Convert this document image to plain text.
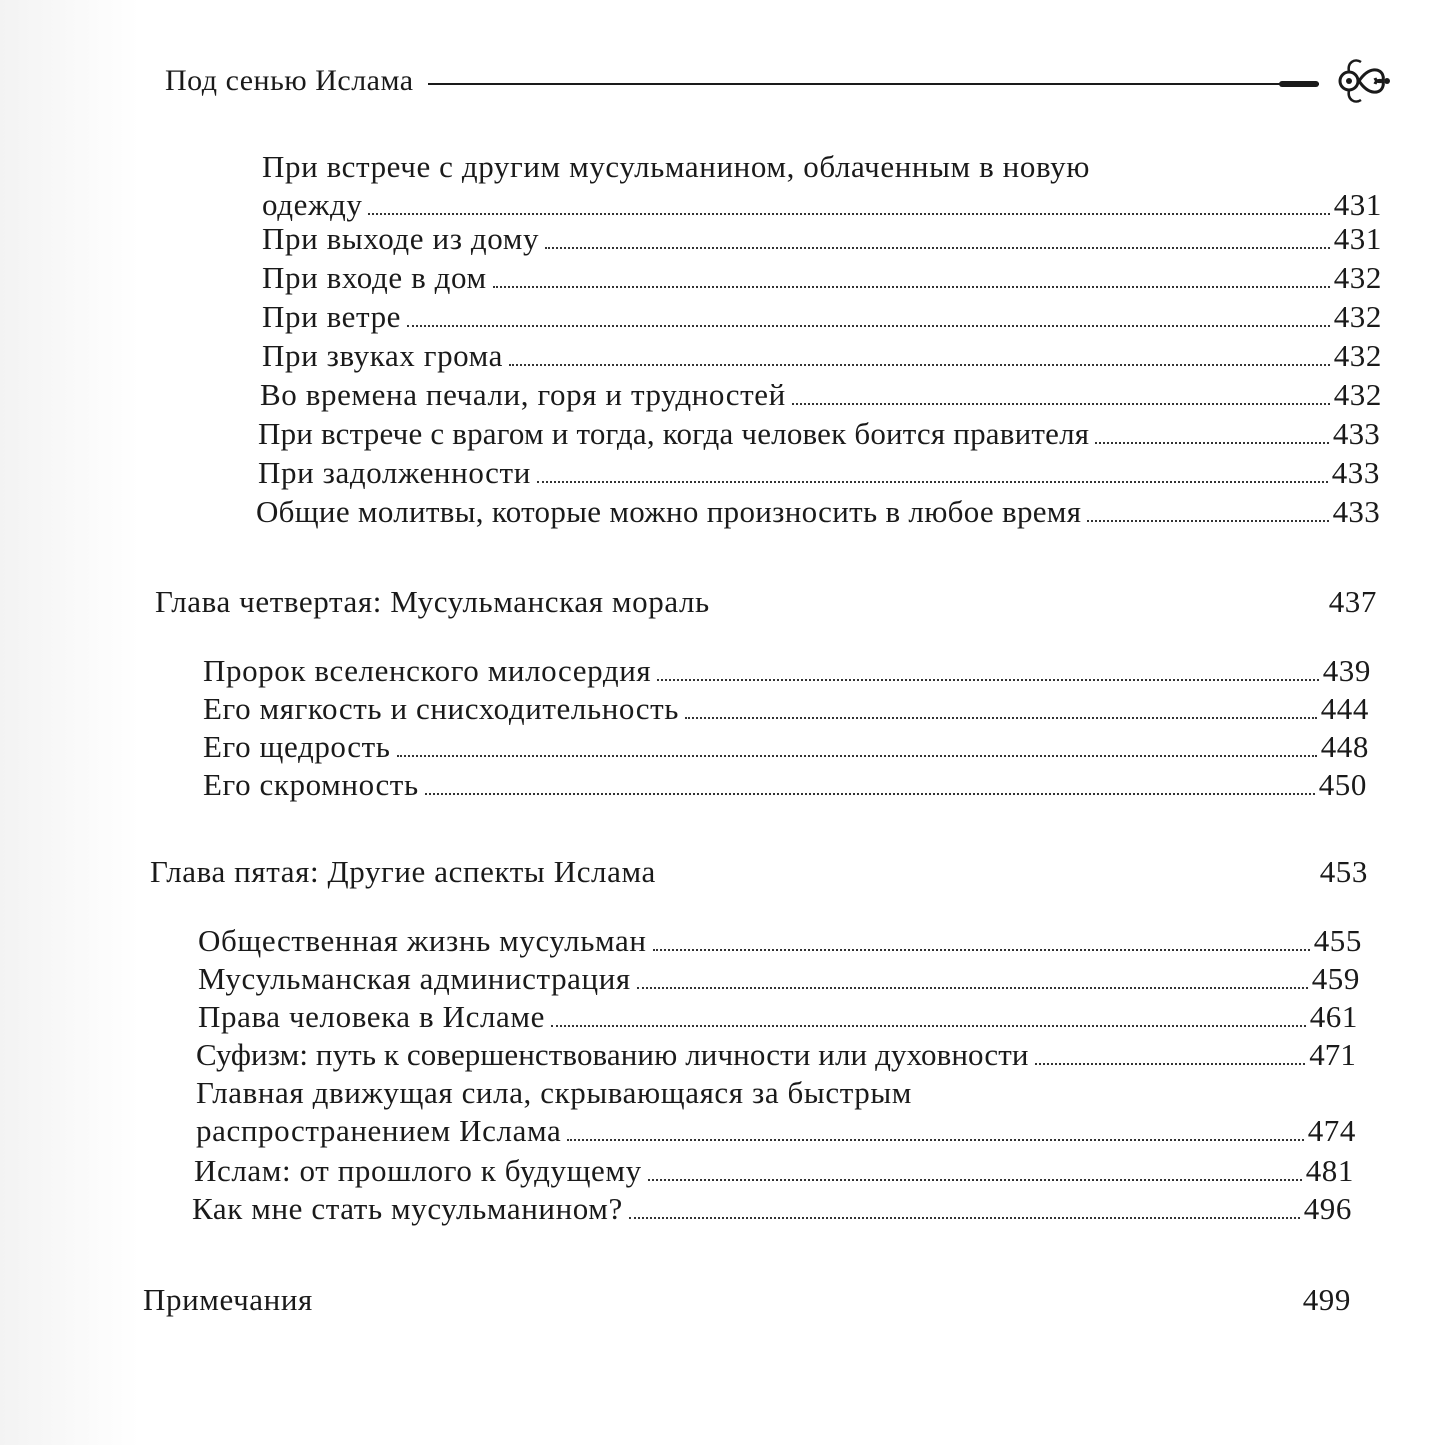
Под сенью Ислама
При встрече с другим мусульманином, облаченным в новую
одежду	431
При выходе из дому	431
При входе в дом	432
При ветре	432
При звуках грома	432
Во времена печали, горя и трудностей	432
При встрече с врагом и тогда, когда человек боится правителя	433
При задолженности	433
Общие молитвы, которые можно произносить в любое время	433
Глава четвертая: Мусульманская мораль	437
Пророк вселенского милосердия	439
Его мягкость и снисходительность	444
Его щедрость	448
Его скромность	450
Глава пятая: Другие аспекты Ислама	453
Общественная жизнь мусульман	455
Мусульманская администрация	459
Права человека в Исламе	461
Суфизм: путь к совершенствованию личности или духовности	471
Главная движущая сила, скрывающаяся за быстрым
распространением Ислама	474
Ислам: от прошлого к будущему	481
Как мне стать мусульманином?	496
Примечания	499
